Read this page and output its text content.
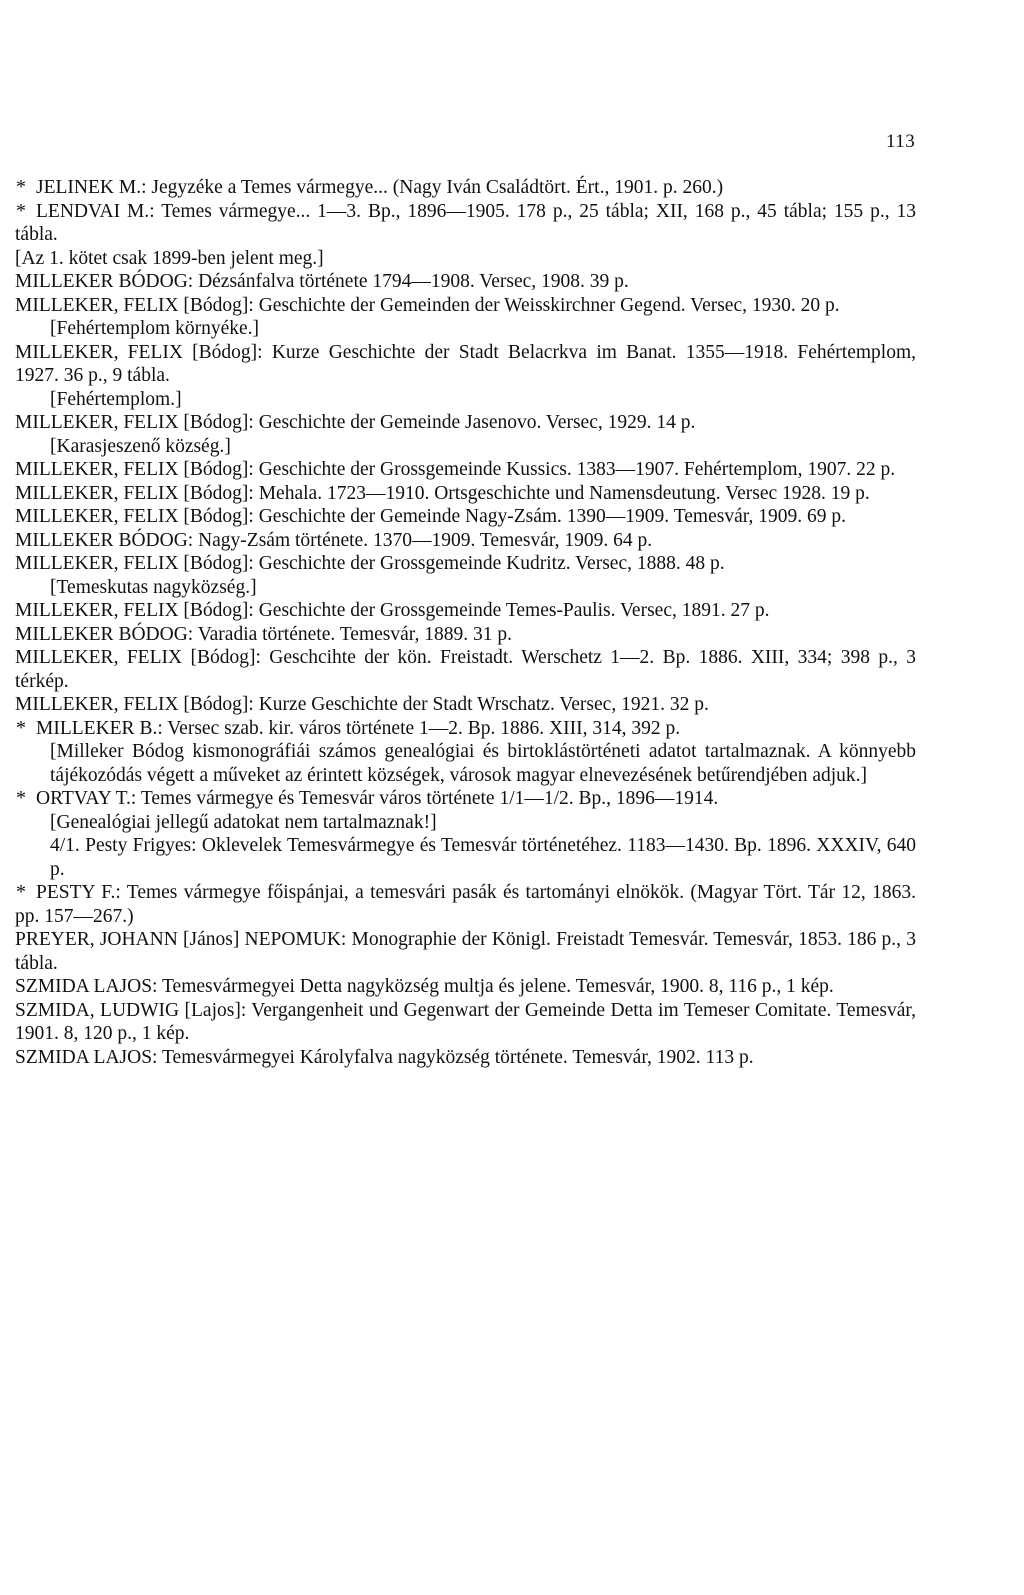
113

* JELINEK M.: Jegyzéke a Temes vármegye... (Nagy Iván Családtört. Ért., 1901. p. 260.)

* LENDVAI M.: Temes vármegye... 1—3. Bp., 1896—1905. 178 p., 25 tábla; XII, 168 p., 45 tábla; 155 p., 13 tábla.

[Az 1. kötet csak 1899-ben jelent meg.]

MILLEKER BÓDOG: Dézsánfalva története 1794—1908. Versec, 1908. 39 p.

MILLEKER, FELIX [Bódog]: Geschichte der Gemeinden der Weisskirchner Gegend. Versec, 1930. 20 p.

[Fehértemplom környéke.]

MILLEKER, FELIX [Bódog]: Kurze Geschichte der Stadt Belacrkva im Banat. 1355—1918. Fehértemplom, 1927. 36 p., 9 tábla.

[Fehértemplom.]

MILLEKER, FELIX [Bódog]: Geschichte der Gemeinde Jasenovo. Versec, 1929. 14 p.

[Karasjeszenő község.]

MILLEKER, FELIX [Bódog]: Geschichte der Grossgemeinde Kussics. 1383—1907. Fehértemplom, 1907. 22 p.

MILLEKER, FELIX [Bódog]: Mehala. 1723—1910. Ortsgeschichte und Namensdeutung. Versec 1928. 19 p.

MILLEKER, FELIX [Bódog]: Geschichte der Gemeinde Nagy-Zsám. 1390—1909. Temesvár, 1909. 69 p.

MILLEKER BÓDOG: Nagy-Zsám története. 1370—1909. Temesvár, 1909. 64 p.

MILLEKER, FELIX [Bódog]: Geschichte der Grossgemeinde Kudritz. Versec, 1888. 48 p.

[Temeskutas nagyközség.]

MILLEKER, FELIX [Bódog]: Geschichte der Grossgemeinde Temes-Paulis. Versec, 1891. 27 p.

MILLEKER BÓDOG: Varadia története. Temesvár, 1889. 31 p.

MILLEKER, FELIX [Bódog]: Geschcihte der kön. Freistadt. Werschetz 1—2. Bp. 1886. XIII, 334; 398 p., 3 térkép.

MILLEKER, FELIX [Bódog]: Kurze Geschichte der Stadt Wrschatz. Versec, 1921. 32 p.

* MILLEKER B.: Versec szab. kir. város története 1—2. Bp. 1886. XIII, 314, 392 p.

[Milleker Bódog kismonográfiái számos genealógiai és birtoklástörténeti adatot tartalmaznak. A könnyebb tájékozódás végett a műveket az érintett községek, városok magyar elnevezésének betűrendjében adjuk.]

* ORTVAY T.: Temes vármegye és Temesvár város története 1/1—1/2. Bp., 1896—1914.

[Genealógiai jellegű adatokat nem tartalmaznak!]

4/1. Pesty Frigyes: Oklevelek Temesvármegye és Temesvár történetéhez. 1183—1430. Bp. 1896. XXXIV, 640 p.

* PESTY F.: Temes vármegye főispánjai, a temesvári pasák és tartományi elnökök. (Magyar Tört. Tár 12, 1863. pp. 157—267.)

PREYER, JOHANN [János] NEPOMUK: Monographie der Königl. Freistadt Temesvár. Temesvár, 1853. 186 p., 3 tábla.

SZMIDA LAJOS: Temesvármegyei Detta nagyközség multja és jelene. Temesvár, 1900. 8, 116 p., 1 kép.

SZMIDA, LUDWIG [Lajos]: Vergangenheit und Gegenwart der Gemeinde Detta im Temeser Comitate. Temesvár, 1901. 8, 120 p., 1 kép.

SZMIDA LAJOS: Temesvármegyei Károlyfalva nagyközség története. Temesvár, 1902. 113 p.
